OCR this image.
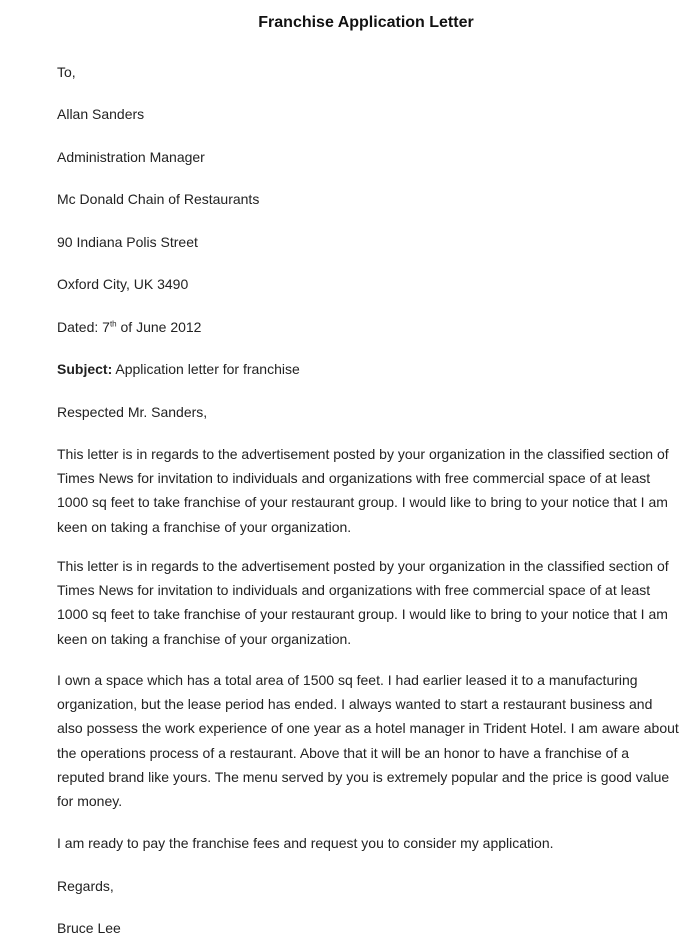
Franchise Application Letter
To,
Allan Sanders
Administration Manager
Mc Donald Chain of Restaurants
90 Indiana Polis Street
Oxford City, UK 3490
Dated: 7th of June 2012
Subject: Application letter for franchise
Respected Mr. Sanders,
This letter is in regards to the advertisement posted by your organization in the classified section of
Times News for invitation to individuals and organizations with free commercial space of at least
1000 sq feet to take franchise of your restaurant group. I would like to bring to your notice that I am
keen on taking a franchise of your organization.
This letter is in regards to the advertisement posted by your organization in the classified section of
Times News for invitation to individuals and organizations with free commercial space of at least
1000 sq feet to take franchise of your restaurant group. I would like to bring to your notice that I am
keen on taking a franchise of your organization.
I own a space which has a total area of 1500 sq feet. I had earlier leased it to a manufacturing
organization, but the lease period has ended. I always wanted to start a restaurant business and
also possess the work experience of one year as a hotel manager in Trident Hotel. I am aware about
the operations process of a restaurant. Above that it will be an honor to have a franchise of a
reputed brand like yours. The menu served by you is extremely popular and the price is good value
for money.
I am ready to pay the franchise fees and request you to consider my application.
Regards,
Bruce Lee
